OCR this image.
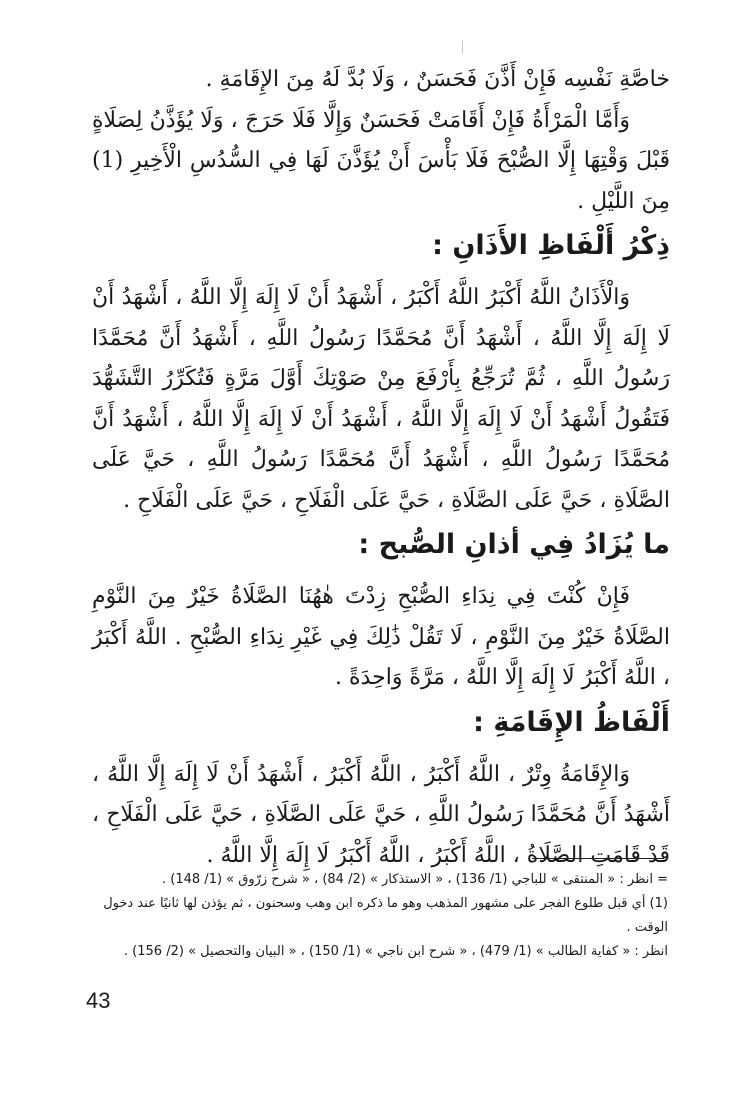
خاصَّةِ نَفْسِه فَإِنْ أَذَّنَ فَحَسَنٌ ، وَلَا بُدَّ لَهُ مِنَ الإِقَامَةِ .

وَأَمَّا الْمَرْأَةُ فَإِنْ أَقَامَتْ فَحَسَنٌ وَإِلَّا فَلَا حَرَجَ ، وَلَا يُؤَذَّنُ لِصَلَاةٍ قَبْلَ وَقْتِهَا إِلَّا الصُّبْحَ فَلَا بَأْسَ أَنْ يُؤَذَّنَ لَهَا فِي السُّدُسِ الْأَخِيرِ (1) مِنَ اللَّيْلِ .

ذِكْرُ أَلْفَاظِ الأَذَانِ :

وَالْأَذَانُ اللَّهُ أَكْبَرُ اللَّهُ أَكْبَرُ ، أَشْهَدُ أَنْ لَا إِلَهَ إِلَّا اللَّهُ ، أَشْهَدُ أَنْ لَا إِلَهَ إِلَّا اللَّهُ ، أَشْهَدُ أَنَّ مُحَمَّدًا رَسُولُ اللَّهِ ، أَشْهَدُ أَنَّ مُحَمَّدًا رَسُولُ اللَّهِ ، ثُمَّ تُرَجِّعُ بِأَرْفَعَ مِنْ صَوْتِكَ أَوَّلَ مَرَّةٍ فَتُكَرِّرُ التَّشَهُّدَ فَتَقُولُ أَشْهَدُ أَنْ لَا إِلَهَ إِلَّا اللَّهُ ، أَشْهَدُ أَنْ لَا إِلَهَ إِلَّا اللَّهُ ، أَشْهَدُ أَنَّ مُحَمَّدًا رَسُولُ اللَّهِ ، أَشْهَدُ أَنَّ مُحَمَّدًا رَسُولُ اللَّهِ ، حَيَّ عَلَى الصَّلَاةِ ، حَيَّ عَلَى الصَّلَاةِ ، حَيَّ عَلَى الْفَلَاحِ ، حَيَّ عَلَى الْفَلَاحِ .

ما يُزَادُ فِي أذانِ الصُّبح :

فَإِنْ كُنْتَ فِي نِدَاءِ الصُّبْحِ زِدْتَ هٰهُنَا الصَّلَاةُ خَيْرٌ مِنَ النَّوْمِ الصَّلَاةُ خَيْرٌ مِنَ النَّوْمِ ، لَا تَقُلْ ذَٰلِكَ فِي غَيْرِ نِدَاءِ الصُّبْحِ . اللَّهُ أَكْبَرُ ، اللَّهُ أَكْبَرُ لَا إِلَهَ إِلَّا اللَّهُ ، مَرَّةً وَاحِدَةً .

أَلْفَاظُ الإِقَامَةِ :

وَالإِقَامَةُ وِتْرٌ ، اللَّهُ أَكْبَرُ ، اللَّهُ أَكْبَرُ ، أَشْهَدُ أَنْ لَا إِلَهَ إِلَّا اللَّهُ ، أَشْهَدُ أَنَّ مُحَمَّدًا رَسُولُ اللَّهِ ، حَيَّ عَلَى الصَّلَاةِ ، حَيَّ عَلَى الْفَلَاحِ ، قَدْ قَامَتِ الصَّلَاةُ ، اللَّهُ أَكْبَرُ ، اللَّهُ أَكْبَرُ لَا إِلَهَ إِلَّا اللَّهُ .

= انظر : « المنتقى » للباجي (1/ 136) ، « الاستذكار » (2/ 84) ، « شرح زرّوق » (1/ 148) .

(1) أي قبل طلوع الفجر على مشهور المذهب وهو ما ذكره ابن وهب وسحنون ، ثم يؤذن لها ثانيًا عند دخول الوقت .

انظر : « كفاية الطالب » (1/ 479) ، « شرح ابن ناجي » (1/ 150) ، « البيان والتحصيل » (2/ 156) .

43
